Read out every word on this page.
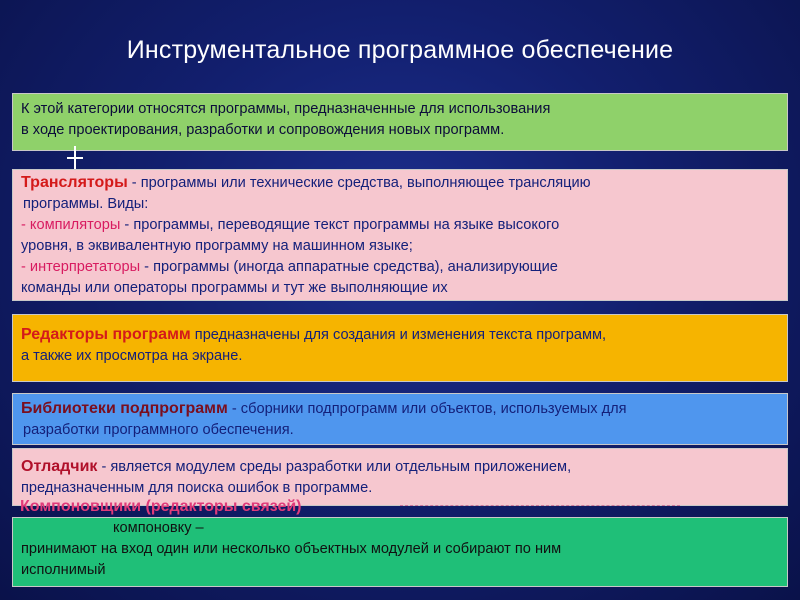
Инструментальное программное обеспечение
К этой категории относятся программы, предназначенные для использования
в ходе проектирования, разработки и сопровождения новых программ.
Трансляторы - программы или технические средства, выполняющее трансляцию
программы. Виды:
- компиляторы - программы, переводящие текст программы на языке высокого
уровня, в эквивалентную программу на машинном языке;
- интерпретаторы - программы (иногда аппаратные средства), анализирующие
команды или операторы программы и тут же выполняющие их
Редакторы программ предназначены для создания и изменения текста программ,
а также их просмотра на экране.
Библиотеки подпрограмм - сборники подпрограмм или объектов, используемых для
разработки программного обеспечения.
Отладчик - является модулем среды разработки или отдельным приложением,
предназначенным для поиска ошибок в программе.
компоновку –
принимают на вход один или несколько объектных модулей и собирают по ним
исполнимый
Компоновщики (редакторы связей)
